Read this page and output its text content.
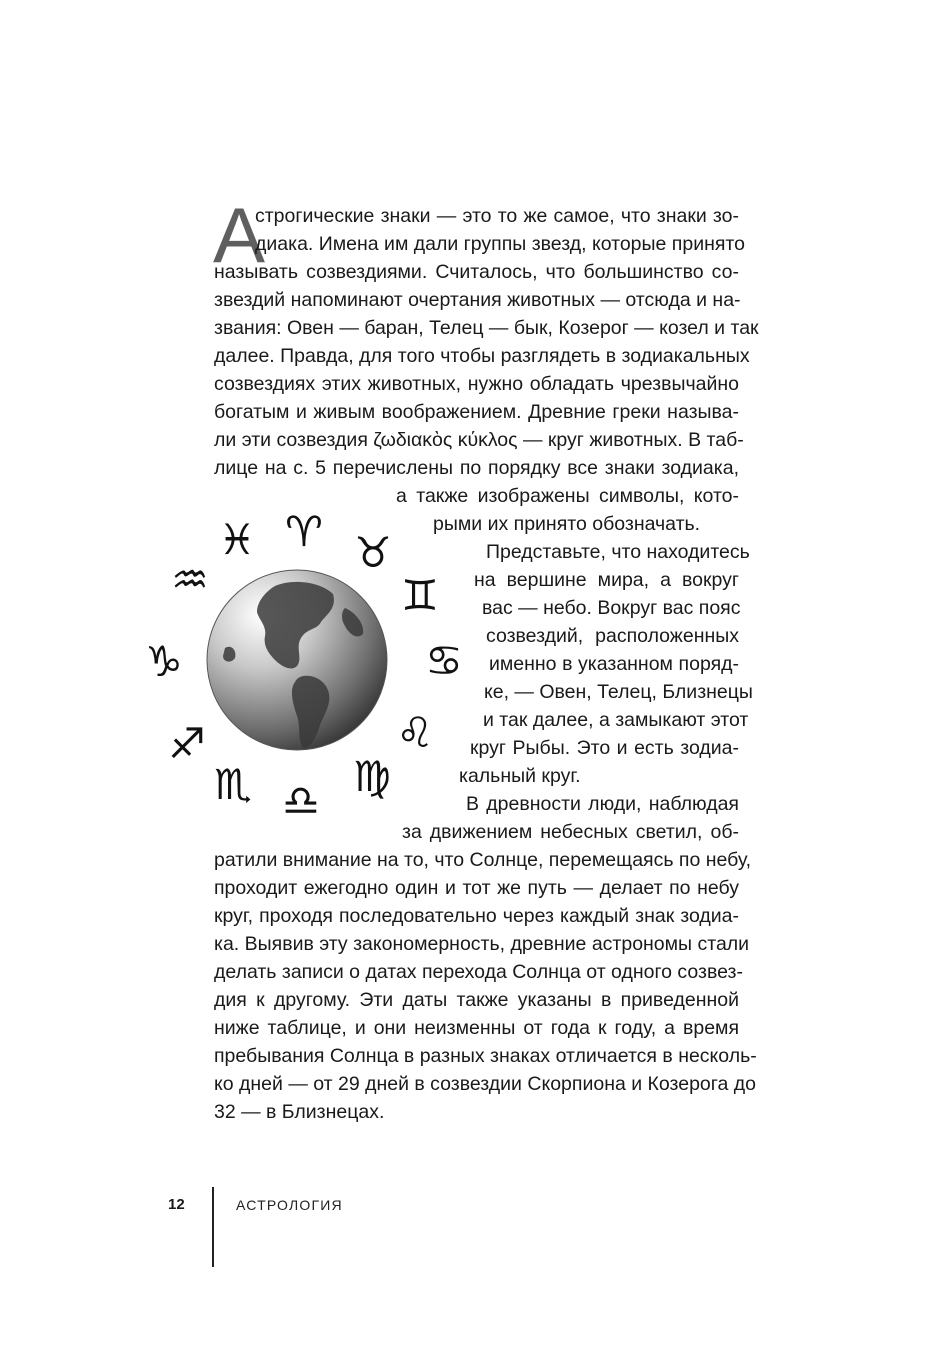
А
строгические знаки — это то же самое, что знаки зо-
диака. Имена им дали группы звезд, которые принято
называть созвездиями. Считалось, что большинство со-
звездий напоминают очертания животных — отсюда и на-
звания: Овен — баран, Телец — бык, Козерог — козел и так
далее. Правда, для того чтобы разглядеть в зодиакальных
созвездиях этих животных, нужно обладать чрезвычайно
богатым и живым воображением. Древние греки называ-
ли эти созвездия ζωδιακὸς κύκλος — круг животных. В таб-
лице на с. 5 перечислены по порядку все знаки зодиака,
а также изображены символы, кото-
рыми их принято обозначать.
Представьте, что находитесь
на вершине мира, а вокруг
вас — небо. Вокруг вас пояс
созвездий, расположенных
именно в указанном поряд-
ке, — Овен, Телец, Близнецы
и так далее, а замыкают этот
круг Рыбы. Это и есть зодиа-
кальный круг.
В древности люди, наблюдая
за движением небесных светил, об-
ратили внимание на то, что Солнце, перемещаясь по небу,
проходит ежегодно один и тот же путь — делает по небу
круг, проходя последовательно через каждый знак зодиа-
ка. Выявив эту закономерность, древние астрономы стали
делать записи о датах перехода Солнца от одного созвез-
дия к другому. Эти даты также указаны в приведенной
ниже таблице, и они неизменны от года к году, а время
пребывания Солнца в разных знаках отличается в несколь-
ко дней — от 29 дней в созвездии Скорпиона и Козерога до
32 — в Близнецах.
♈ ♉
♊
♋
♌
♍
♎
♏
♐
♑
♒
♓
12	АСТРОЛОГИЯ
